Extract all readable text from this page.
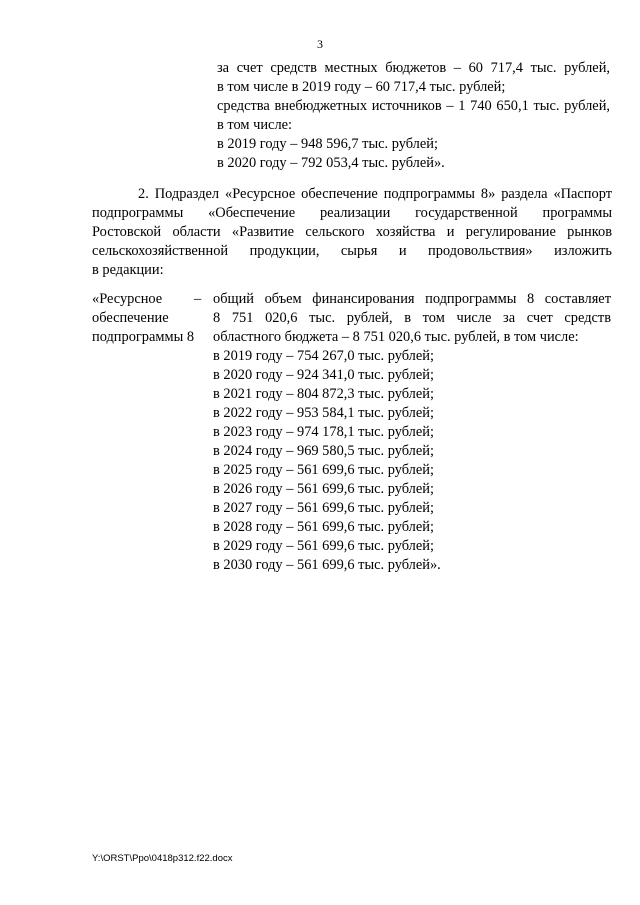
3
за счет средств местных бюджетов – 60 717,4 тыс. рублей,
в том числе в 2019 году – 60 717,4 тыс. рублей;
средства внебюджетных источников – 1 740 650,1 тыс. рублей,
в том числе:
в 2019 году – 948 596,7 тыс. рублей;
в 2020 году – 792 053,4 тыс. рублей».
2. Подраздел «Ресурсное обеспечение подпрограммы 8» раздела «Паспорт
подпрограммы «Обеспечение реализации государственной программы
Ростовской области «Развитие сельского хозяйства и регулирование рынков
сельскохозяйственной продукции, сырья и продовольствия» изложить
в редакции:
«Ресурсное
обеспечение
подпрограммы 8
– общий объем финансирования подпрограммы 8 составляет
8 751 020,6 тыс. рублей, в том числе за счет средств
областного бюджета – 8 751 020,6 тыс. рублей, в том числе:
в 2019 году – 754 267,0 тыс. рублей;
в 2020 году – 924 341,0 тыс. рублей;
в 2021 году – 804 872,3 тыс. рублей;
в 2022 году – 953 584,1 тыс. рублей;
в 2023 году – 974 178,1 тыс. рублей;
в 2024 году – 969 580,5 тыс. рублей;
в 2025 году – 561 699,6 тыс. рублей;
в 2026 году – 561 699,6 тыс. рублей;
в 2027 году – 561 699,6 тыс. рублей;
в 2028 году – 561 699,6 тыс. рублей;
в 2029 году – 561 699,6 тыс. рублей;
в 2030 году – 561 699,6 тыс. рублей».
Y:\ORST\Ppo\0418p312.f22.docx
